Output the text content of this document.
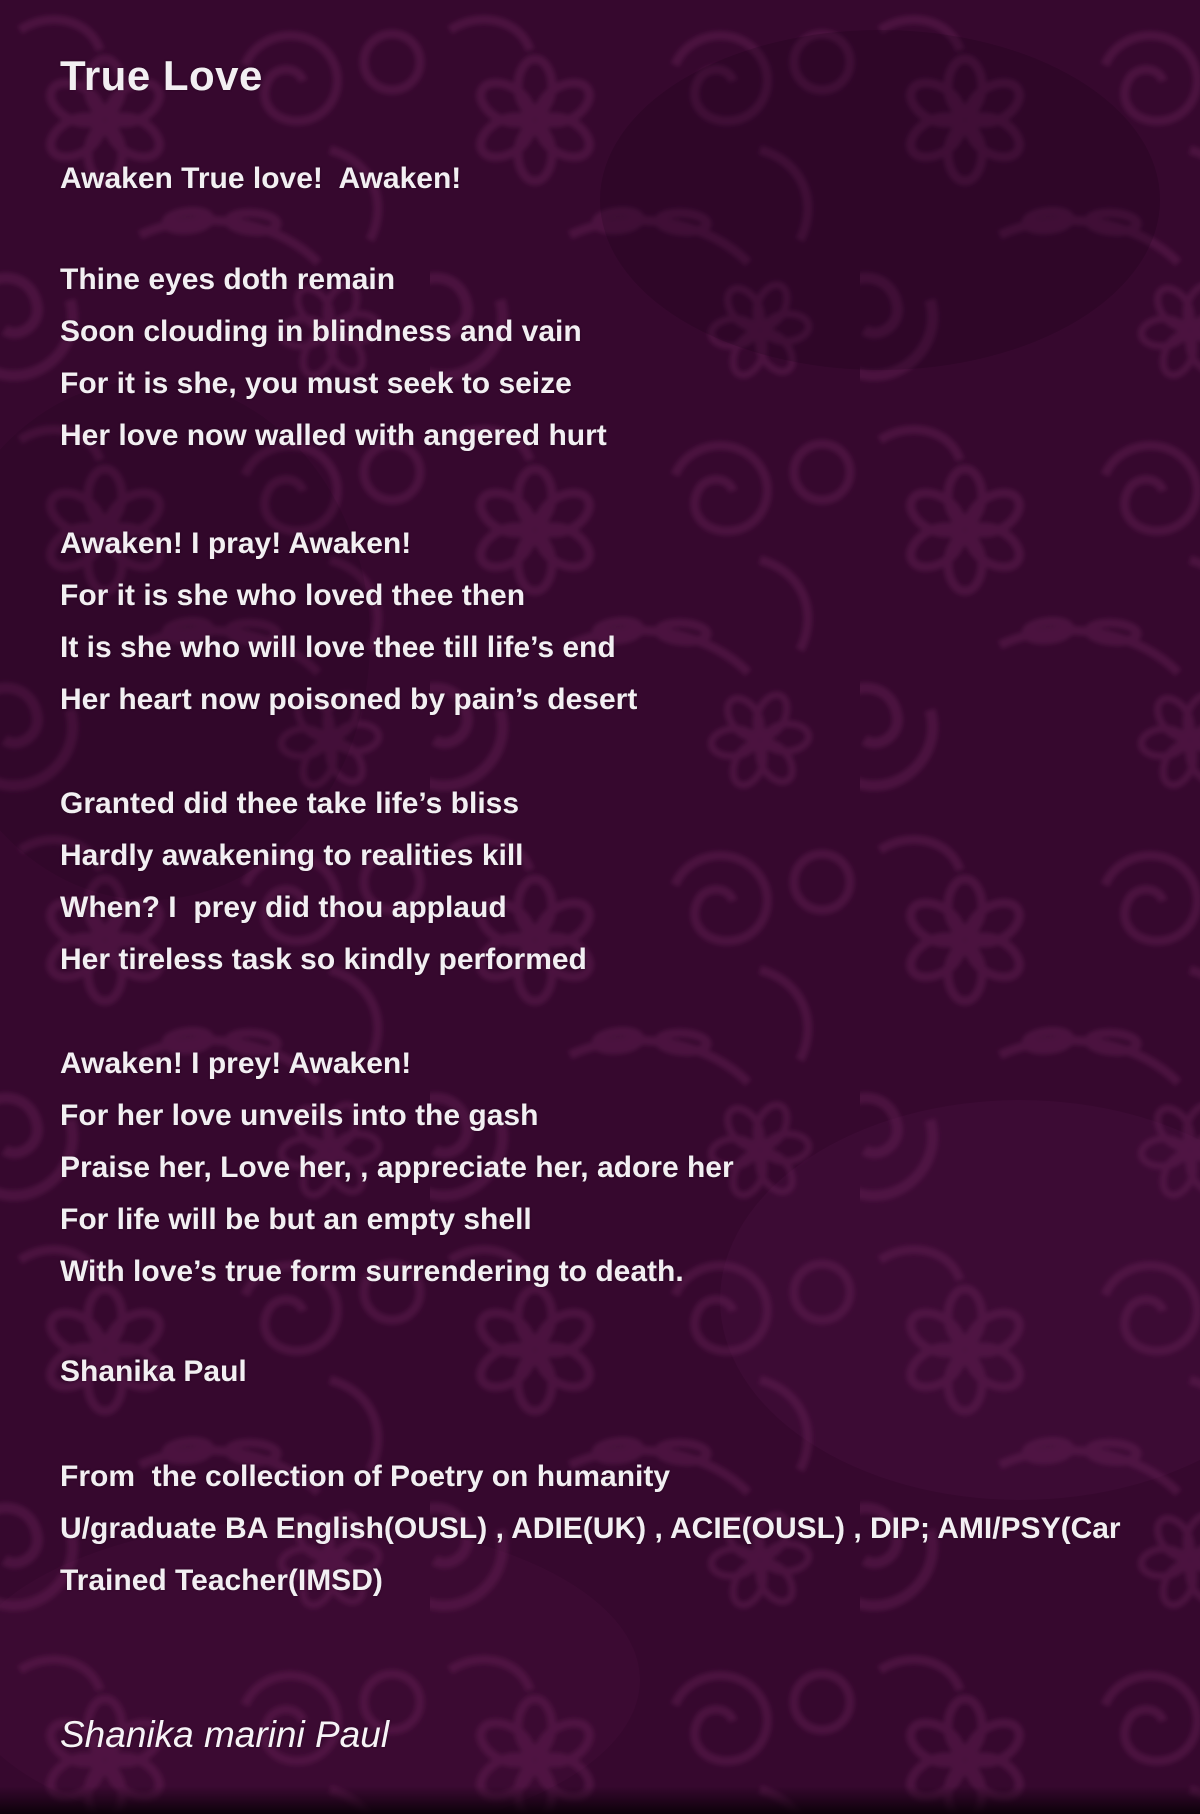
True Love
Awaken True love!  Awaken!
Thine eyes doth remain
Soon clouding in blindness and vain
For it is she, you must seek to seize
Her love now walled with angered hurt
Awaken! I pray! Awaken!
For it is she who loved thee then
It is she who will love thee till life’s end
Her heart now poisoned by pain’s desert
Granted did thee take life’s bliss
Hardly awakening to realities kill
When? I  prey did thou applaud
Her tireless task so kindly performed
Awaken! I prey! Awaken!
For her love unveils into the gash
Praise her, Love her, , appreciate her, adore her
For life will be but an empty shell
With love’s true form surrendering to death.
Shanika Paul
From  the collection of Poetry on humanity
U/graduate BA English(OUSL) , ADIE(UK) , ACIE(OUSL) , DIP; AMI/PSY(Car
Trained Teacher(IMSD)
Shanika marini Paul
